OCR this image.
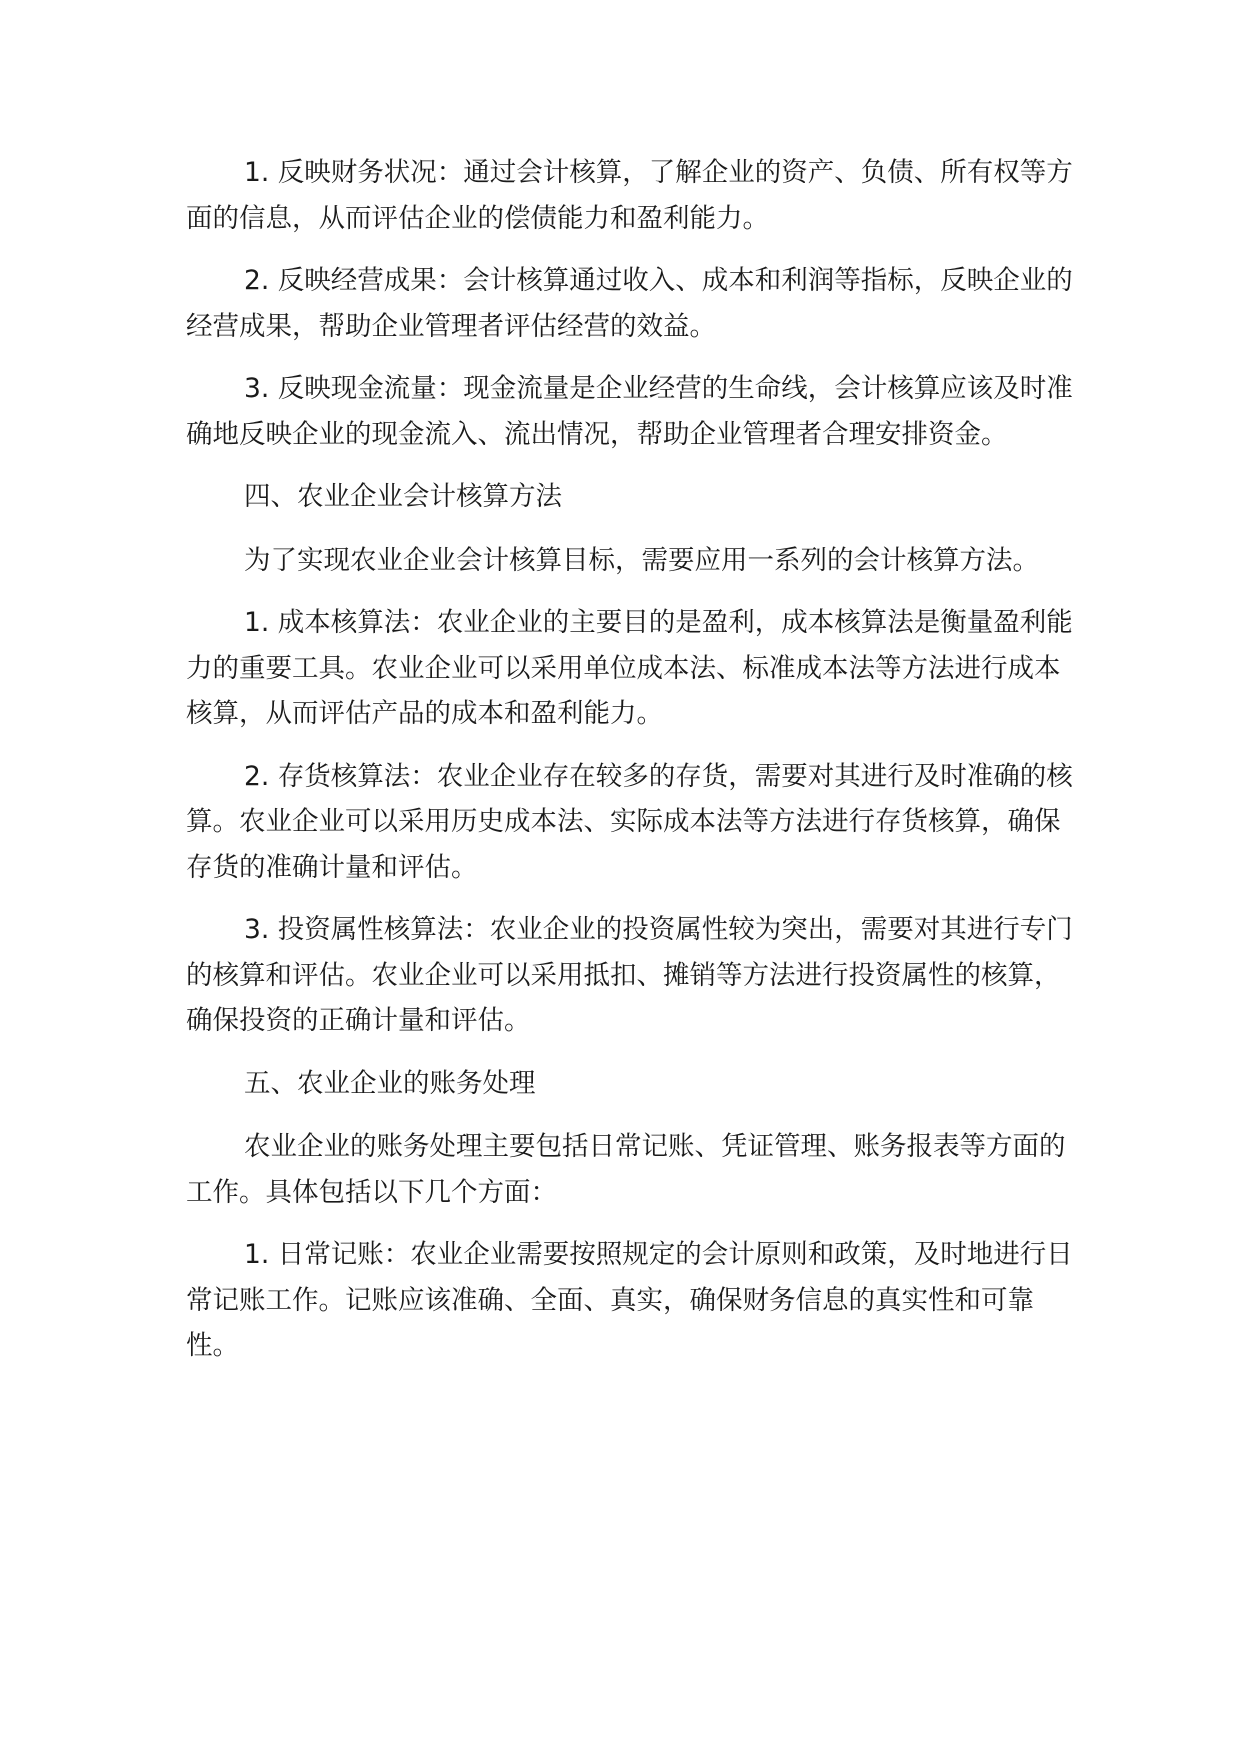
1. 反映财务状况：通过会计核算，了解企业的资产、负债、所有权等方面的信息，从而评估企业的偿债能力和盈利能力。

2. 反映经营成果：会计核算通过收入、成本和利润等指标，反映企业的经营成果，帮助企业管理者评估经营的效益。

3. 反映现金流量：现金流量是企业经营的生命线，会计核算应该及时准确地反映企业的现金流入、流出情况，帮助企业管理者合理安排资金。

四、农业企业会计核算方法

为了实现农业企业会计核算目标，需要应用一系列的会计核算方法。

1. 成本核算法：农业企业的主要目的是盈利，成本核算法是衡量盈利能力的重要工具。农业企业可以采用单位成本法、标准成本法等方法进行成本核算，从而评估产品的成本和盈利能力。

2. 存货核算法：农业企业存在较多的存货，需要对其进行及时准确的核算。农业企业可以采用历史成本法、实际成本法等方法进行存货核算，确保存货的准确计量和评估。

3. 投资属性核算法：农业企业的投资属性较为突出，需要对其进行专门的核算和评估。农业企业可以采用抵扣、摊销等方法进行投资属性的核算，确保投资的正确计量和评估。

五、农业企业的账务处理

农业企业的账务处理主要包括日常记账、凭证管理、账务报表等方面的工作。具体包括以下几个方面：

1. 日常记账：农业企业需要按照规定的会计原则和政策，及时地进行日常记账工作。记账应该准确、全面、真实，确保财务信息的真实性和可靠性。
